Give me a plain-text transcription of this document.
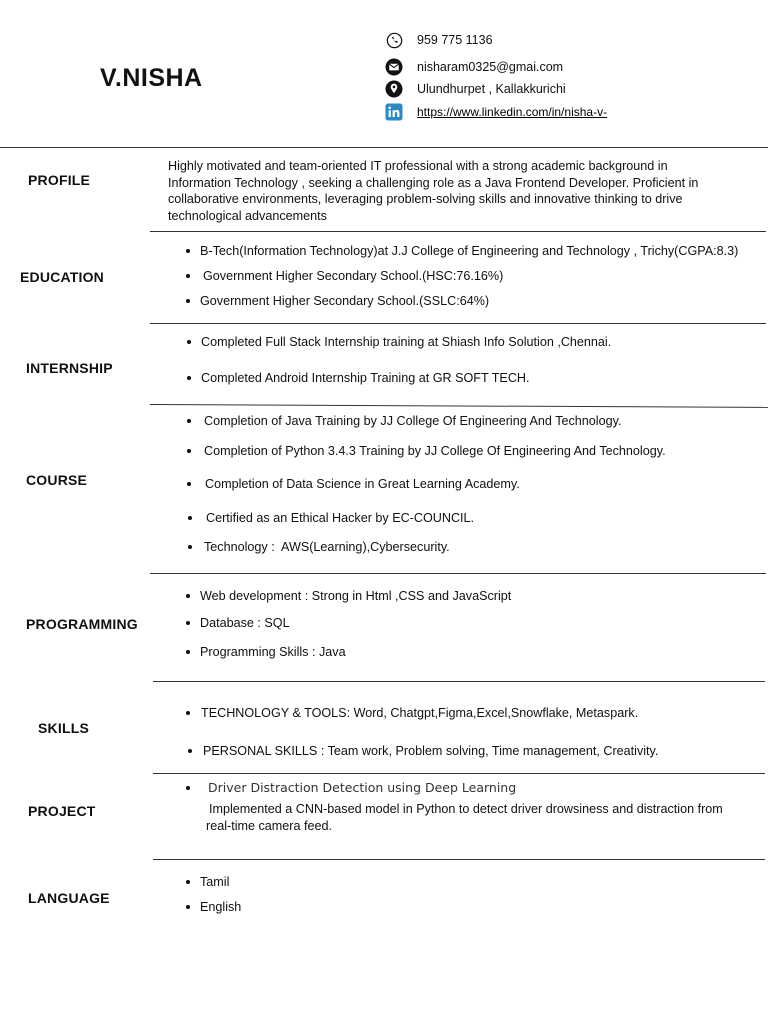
V.NISHA
959 775 1136
nisharam0325@gmai.com
Ulundhurpet , Kallakkurichi
https://www.linkedin.com/in/nisha-v-
PROFILE
Highly motivated and team-oriented IT professional with a strong academic background in Information Technology , seeking a challenging role as a Java Frontend Developer. Proficient in collaborative environments, leveraging problem-solving skills and innovative thinking to drive technological advancements
EDUCATION
B-Tech(Information Technology)at J.J College of Engineering and Technology , Trichy(CGPA:8.3)
Government Higher Secondary School.(HSC:76.16%)
Government Higher Secondary School.(SSLC:64%)
INTERNSHIP
Completed Full Stack Internship training at Shiash Info Solution ,Chennai.
Completed Android Internship Training at GR SOFT TECH.
COURSE
Completion of Java Training by JJ College Of Engineering And Technology.
Completion of Python 3.4.3 Training by JJ College Of Engineering And Technology.
Completion of Data Science in Great Learning Academy.
Certified as an Ethical Hacker by EC-COUNCIL.
Technology :  AWS(Learning),Cybersecurity.
PROGRAMMING
Web development : Strong in Html ,CSS and JavaScript
Database : SQL
Programming Skills : Java
SKILLS
TECHNOLOGY & TOOLS: Word, Chatgpt,Figma,Excel,Snowflake, Metaspark.
PERSONAL SKILLS : Team work, Problem solving, Time management, Creativity.
PROJECT
Driver Distraction Detection using Deep Learning
Implemented a CNN-based model in Python to detect driver drowsiness and distraction from real-time camera feed.
LANGUAGE
Tamil
English
